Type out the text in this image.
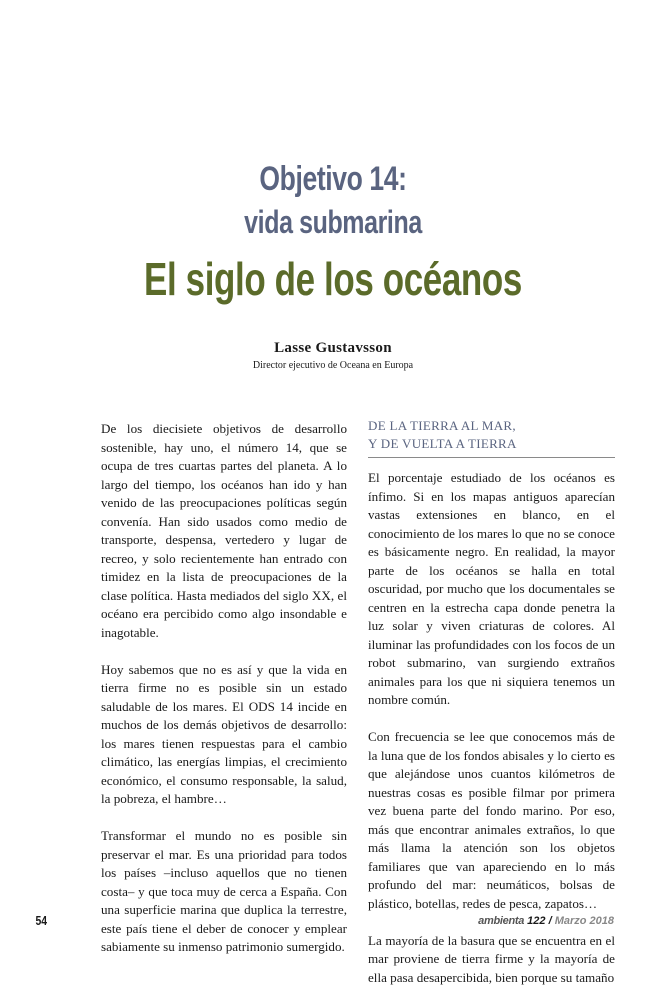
Objetivo 14:
vida submarina
El siglo de los océanos
Lasse Gustavsson
Director ejecutivo de Oceana en Europa

De los diecisiete objetivos de desarrollo sostenible, hay uno, el número 14, que se ocupa de tres cuartas partes del planeta. A lo largo del tiempo, los océanos han ido y han venido de las preocupaciones políticas según convenía. Han sido usados como medio de transporte, despensa, vertedero y lugar de recreo, y solo recientemente han entrado con timidez en la lista de preocupaciones de la clase política. Hasta mediados del siglo XX, el océano era percibido como algo insondable e inagotable.

Hoy sabemos que no es así y que la vida en tierra firme no es posible sin un estado saludable de los mares. El ODS 14 incide en muchos de los demás objetivos de desarrollo: los mares tienen respuestas para el cambio climático, las energías limpias, el crecimiento económico, el consumo responsable, la salud, la pobreza, el hambre…

Transformar el mundo no es posible sin preservar el mar. Es una prioridad para todos los países –incluso aquellos que no tienen costa– y que toca muy de cerca a España. Con una superficie marina que duplica la terrestre, este país tiene el deber de conocer y emplear sabiamente su inmenso patrimonio sumergido.

DE LA TIERRA AL MAR,
Y DE VUELTA A TIERRA

El porcentaje estudiado de los océanos es ínfimo. Si en los mapas antiguos aparecían vastas extensiones en blanco, en el conocimiento de los mares lo que no se conoce es básicamente negro. En realidad, la mayor parte de los océanos se halla en total oscuridad, por mucho que los documentales se centren en la estrecha capa donde penetra la luz solar y viven criaturas de colores. Al iluminar las profundidades con los focos de un robot submarino, van surgiendo extraños animales para los que ni siquiera tenemos un nombre común.

Con frecuencia se lee que conocemos más de la luna que de los fondos abisales y lo cierto es que alejándose unos cuantos kilómetros de nuestras cosas es posible filmar por primera vez buena parte del fondo marino. Por eso, más que encontrar animales extraños, lo que más llama la atención son los objetos familiares que van apareciendo en lo más profundo del mar: neumáticos, bolsas de plástico, botellas, redes de pesca, zapatos…

La mayoría de la basura que se encuentra en el mar proviene de tierra firme y la mayoría de ella pasa desapercibida, bien porque su tamaño

54	ambienta 122 / Marzo 2018
